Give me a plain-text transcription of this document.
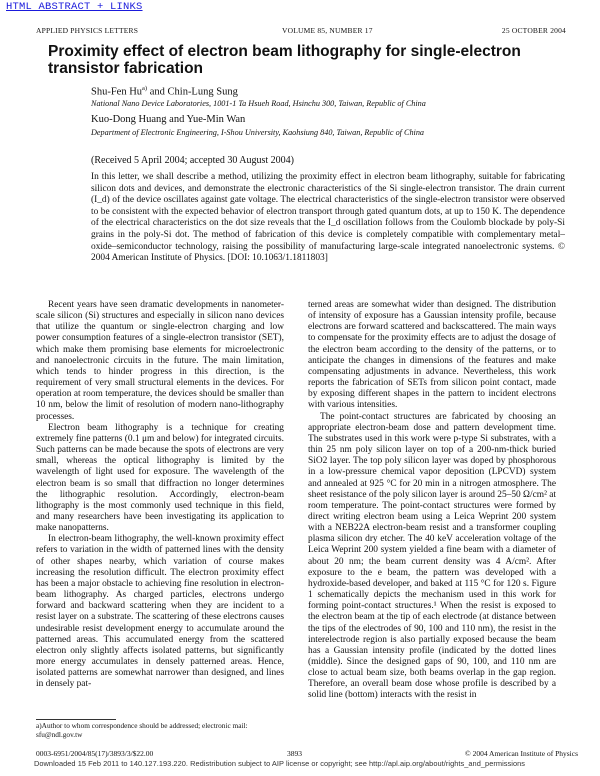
HTML ABSTRACT + LINKS
APPLIED PHYSICS LETTERS	VOLUME 85, NUMBER 17	25 OCTOBER 2004
Proximity effect of electron beam lithography for single-electron transistor fabrication
Shu-Fen Hu$^{a)}$ and Chin-Lung Sung
National Nano Device Laboratories, 1001-1 Ta Hsueh Road, Hsinchu 300, Taiwan, Republic of China
Kuo-Dong Huang and Yue-Min Wan
Department of Electronic Engineering, I-Shou University, Kaohsiung 840, Taiwan, Republic of China
(Received 5 April 2004; accepted 30 August 2004)

In this letter, we shall describe a method, utilizing the proximity effect in electron beam lithography, suitable for fabricating silicon dots and devices, and demonstrate the electronic characteristics of the Si single-electron transistor. The drain current (I_d) of the device oscillates against gate voltage. The electrical characteristics of the single-electron transistor were observed to be consistent with the expected behavior of electron transport through gated quantum dots, at up to 150 K. The dependence of the electrical characteristics on the dot size reveals that the I_d oscillation follows from the Coulomb blockade by poly-Si grains in the poly-Si dot. The method of fabrication of this device is completely compatible with complementary metal–oxide–semiconductor technology, raising the possibility of manufacturing large-scale integrated nanoelectronic systems. © 2004 American Institute of Physics. [DOI: 10.1063/1.1811803]

Recent years have seen dramatic developments in nanometer-scale silicon (Si) structures and especially in silicon nano devices that utilize the quantum or single-electron charging and low power consumption features of a single-electron transistor (SET), which make them promising base elements for microelectronic and nanoelectronic circuits in the future. The main limitation, which tends to hinder progress in this direction, is the requirement of very small structural elements in the devices. For operation at room temperature, the devices should be smaller than 10 nm, below the limit of resolution of modern nano-lithography processes.

Electron beam lithography is a technique for creating extremely fine patterns (0.1 μm and below) for integrated circuits. Such patterns can be made because the spots of electrons are very small, whereas the optical lithography is limited by the wavelength of light used for exposure. The wavelength of the electron beam is so small that diffraction no longer determines the lithographic resolution. Accordingly, electron-beam lithography is the most commonly used technique in this field, and many researchers have been investigating its application to make nanopatterns.

In electron-beam lithography, the well-known proximity effect refers to variation in the width of patterned lines with the density of other shapes nearby, which variation of course makes increasing the resolution difficult. The electron proximity effect has been a major obstacle to achieving fine resolution in electron-beam lithography. As charged particles, electrons undergo forward and backward scattering when they are incident to a resist layer on a substrate. The scattering of these electrons causes undesirable resist development energy to accumulate around the patterned areas. This accumulated energy from the scattered electron only slightly affects isolated patterns, but significantly more energy accumulates in densely patterned areas. Hence, isolated patterns are somewhat narrower than designed, and lines in densely pat-

terned areas are somewhat wider than designed. The distribution of intensity of exposure has a Gaussian intensity profile, because electrons are forward scattered and backscattered. The main ways to compensate for the proximity effects are to adjust the dosage of the electron beam according to the density of the patterns, or to anticipate the changes in dimensions of the features and make compensating adjustments in advance. Nevertheless, this work reports the fabrication of SETs from silicon point contact, made by exposing different shapes in the pattern to incident electrons with various intensities.

The point-contact structures are fabricated by choosing an appropriate electron-beam dose and pattern development time. The substrates used in this work were p-type Si substrates, with a thin 25 nm poly silicon layer on top of a 200-nm-thick buried SiO2 layer. The top poly silicon layer was doped by phosphorous in a low-pressure chemical vapor deposition (LPCVD) system and annealed at 925 °C for 20 min in a nitrogen atmosphere. The sheet resistance of the poly silicon layer is around 25–50 Ω/cm² at room temperature. The point-contact structures were formed by direct writing electron beam using a Leica Weprint 200 system with a NEB22A electron-beam resist and a transformer coupling plasma silicon dry etcher. The 40 keV acceleration voltage of the Leica Weprint 200 system yielded a fine beam with a diameter of about 20 nm; the beam current density was 4 A/cm². After exposure to the e beam, the pattern was developed with a hydroxide-based developer, and baked at 115 °C for 120 s. Figure 1 schematically depicts the mechanism used in this work for forming point-contact structures.¹ When the resist is exposed to the electron beam at the tip of each electrode (at distance between the tips of the electrodes of 90, 100 and 110 nm), the resist in the interelectrode region is also partially exposed because the beam has a Gaussian intensity profile (indicated by the dotted lines (middle). Since the designed gaps of 90, 100, and 110 nm are close to actual beam size, both beams overlap in the gap region. Therefore, an overall beam dose whose profile is described by a solid line (bottom) interacts with the resist in

a)Author to whom correspondence should be addressed; electronic mail: sfu@ndl.gov.tw
0003-6951/2004/85(17)/3893/3/$22.00	3893	© 2004 American Institute of Physics
Downloaded 15 Feb 2011 to 140.127.193.220. Redistribution subject to AIP license or copyright; see http://apl.aip.org/about/rights_and_permissions
